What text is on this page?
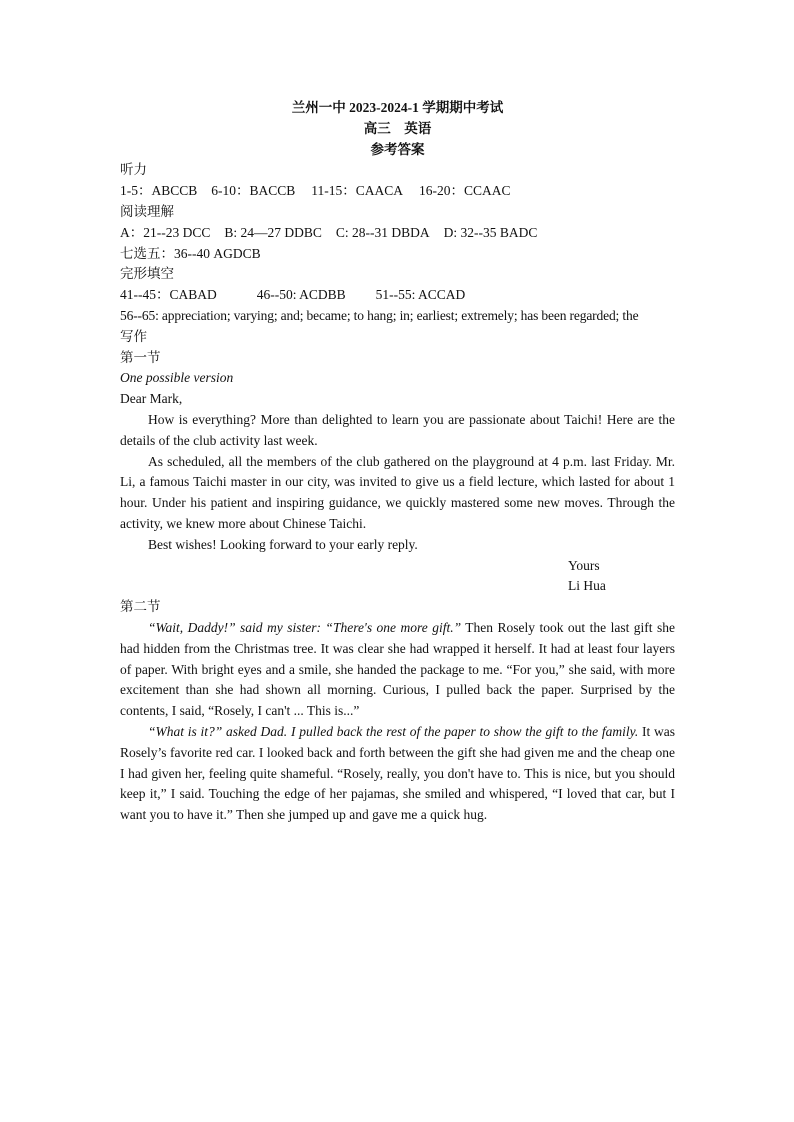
兰州一中 2023-2024-1 学期期中考试
高三　英语
参考答案
听力
1-5：ABCCB 6-10：BACCB 11-15：CAACA 16-20：CCAAC
阅读理解
A：21--23 DCC B: 24—27 DDBC C: 28--31 DBDA D: 32--35 BADC
七选五：36--40 AGDCB
完形填空
41--45：CABAD	46--50: ACDBB 51--55: ACCAD
56--65: appreciation; varying; and; became; to hang; in; earliest; extremely; has been regarded; the
写作
第一节
One possible version
Dear Mark,
How is everything? More than delighted to learn you are passionate about Taichi! Here are the details of the club activity last week.
As scheduled, all the members of the club gathered on the playground at 4 p.m. last Friday. Mr. Li, a famous Taichi master in our city, was invited to give us a field lecture, which lasted for about 1 hour. Under his patient and inspiring guidance, we quickly mastered some new moves. Through the activity, we knew more about Chinese Taichi.
Best wishes! Looking forward to your early reply.
Yours
Li Hua
第二节
“Wait, Daddy!” said my sister: “There's one more gift.” Then Rosely took out the last gift she had hidden from the Christmas tree. It was clear she had wrapped it herself. It had at least four layers of paper. With bright eyes and a smile, she handed the package to me. “For you,” she said, with more excitement than she had shown all morning. Curious, I pulled back the paper. Surprised by the contents, I said, “Rosely, I can't ... This is...”
“What is it?” asked Dad. I pulled back the rest of the paper to show the gift to the family. It was Rosely’s favorite red car. I looked back and forth between the gift she had given me and the cheap one I had given her, feeling quite shameful. “Rosely, really, you don't have to. This is nice, but you should keep it,” I said. Touching the edge of her pajamas, she smiled and whispered, “I loved that car, but I want you to have it.” Then she jumped up and gave me a quick hug.
